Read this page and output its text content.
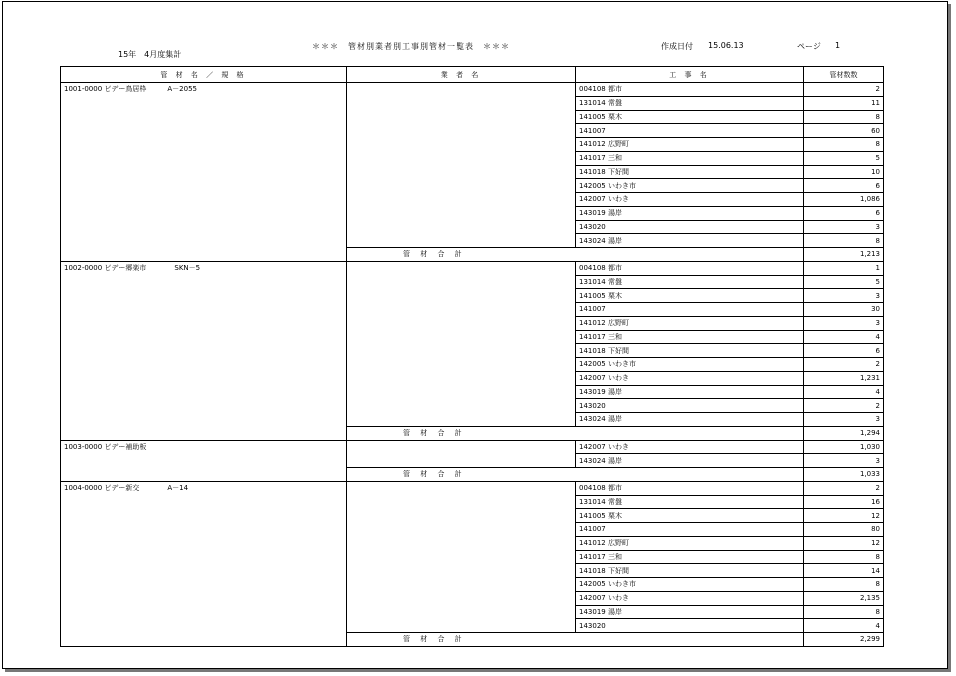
15年　4月度集計
＊＊＊　管材別業者別工事別管材一覧表　＊＊＊	作成日付 15.06.13	ページ 1
管 材 名 ／ 規 格	業 者 名	工 事 名	管材数数
1001-0000 ビデー鳥居枠　　　A－2055		004108 都市	2
		131014 常盤	11
		141005 栗木	8
		141007	60
		141012 広野町	8
		141017 三和	5
		141018 下好間	10
		142005 いわき市	6
		142007 いわき	1,086
		143019 湯岸	6
		143020	3
		143024 湯岸	8
	管 材 合 計		1,213
1002-0000 ビデー郷楽市　　　　SKN－5		004108 都市	1
		131014 常盤	5
		141005 栗木	3
		141007	30
		141012 広野町	3
		141017 三和	4
		141018 下好間	6
		142005 いわき市	2
		142007 いわき	1,231
		143019 湯岸	4
		143020	2
		143024 湯岸	3
	管 材 合 計		1,294
1003-0000 ビデー補助板		142007 いわき	1,030
		143024 湯岸	3
	管 材 合 計		1,033
1004-0000 ビデー新交　　　　A－14		004108 都市	2
		131014 常盤	16
		141005 栗木	12
		141007	80
		141012 広野町	12
		141017 三和	8
		141018 下好間	14
		142005 いわき市	8
		142007 いわき	2,135
		143019 湯岸	8
		143020	4
	管 材 合 計		2,299
